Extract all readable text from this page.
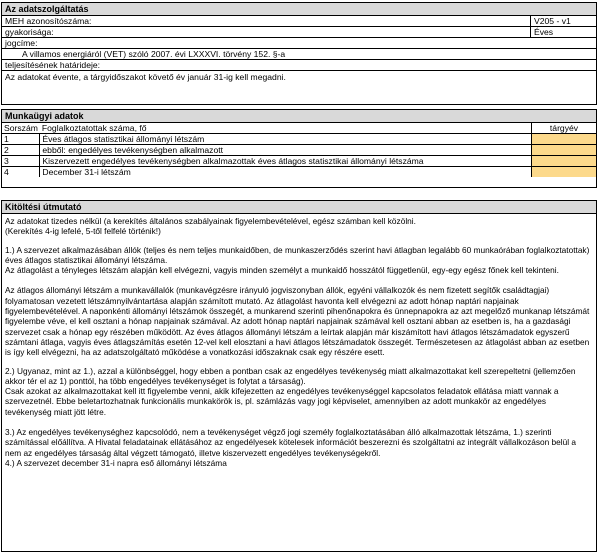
Az adatszolgáltatás
MEH azonosítószáma:	V205 - v1
gyakorisága:	Éves
jogcíme:
A villamos energiáról (VET) szóló 2007. évi LXXXVI. törvény 152. §-a
teljesítésének határideje:
Az adatokat évente, a tárgyidőszakot követő év január 31-ig kell megadni.
Munkaügyi adatok
Sorszám	Foglalkoztatottak száma, fő	tárgyév
1	Éves átlagos statisztikai állományi létszám	
2	ebből: engedélyes tevékenységben alkalmazott	
3	Kiszervezett engedélyes tevékenységben alkalmazottak éves átlagos statisztikai állományi létszáma	
4	December 31-i létszám	
Kitöltési útmutató

Az adatokat tizedes nélkül (a kerekítés általános szabályainak figyelembevételével, egész számban kell közölni.

(Kerekítés 4-ig lefelé, 5-től felfelé történik!)

1.) A szervezet alkalmazásában állók (teljes és nem teljes munkaidőben, de munkaszerződés szerint havi átlagban legalább 60 munkaórában foglalkoztatottak) éves átlagos statisztikai állományi létszáma.

Az átlagolást a tényleges létszám alapján kell elvégezni, vagyis minden személyt a munkaidő hosszától függetlenül, egy-egy egész főnek kell tekinteni.

Az átlagos állományi létszám a munkavállalók (munkavégzésre irányuló jogviszonyban állók, egyéni vállalkozók és nem fizetett segítők családtagjai) folyamatosan vezetett létszámnyilvántartása alapján számított mutató. Az átlagolást havonta kell elvégezni az adott hónap naptári napjainak figyelembevételével. A naponkénti állományi létszámok összegét, a munkarend szerinti pihenőnapokra és ünnepnapokra az azt megelőző munkanap létszámát figyelembe véve, el kell osztani a hónap napjainak számával. Az adott hónap naptári napjainak számával kell osztani abban az esetben is, ha a gazdasági szervezet csak a hónap egy részében működött. Az éves átlagos állományi létszám a leírtak alapján már kiszámított havi átlagos létszámadatok egyszerű számtani átlaga, vagyis éves átlagszámítás esetén 12-vel kell elosztani a havi átlagos létszámadatok összegét. Természetesen az átlagolást abban az esetben is így kell elvégezni, ha az adatszolgáltató működése a vonatkozási időszaknak csak egy részére esett.

2.) Ugyanaz, mint az 1.), azzal a különbséggel, hogy ebben a pontban csak az engedélyes tevékenység miatt alkalmazottakat kell szerepeltetni (jellemzően akkor tér el az 1) ponttól, ha több engedélyes tevékenységet is folytat a társaság).

Csak azokat az alkalmazottakat kell itt figyelembe venni, akik kifejezetten az engedélyes tevékenységgel kapcsolatos feladatok ellátása miatt vannak a szervezetnél. Ebbe beletartozhatnak funkcionális munkakörök is, pl. számlázás vagy jogi képviselet, amennyiben az adott munkakör az engedélyes tevékenység miatt jött létre.

3.) Az engedélyes tevékenységhez kapcsolódó, nem a tevékenységet végző jogi személy foglalkoztatásában álló alkalmazottak létszáma, 1.) szerinti számítással előállítva. A Hivatal feladatainak ellátásához az engedélyesek kötelesek információt beszerezni és szolgáltatni az integrált vállalkozáson belül a nem az engedélyes társaság által végzett támogató, illetve kiszervezett engedélyes tevékenységekről.

4.) A szervezet december 31-i napra eső állományi létszáma
